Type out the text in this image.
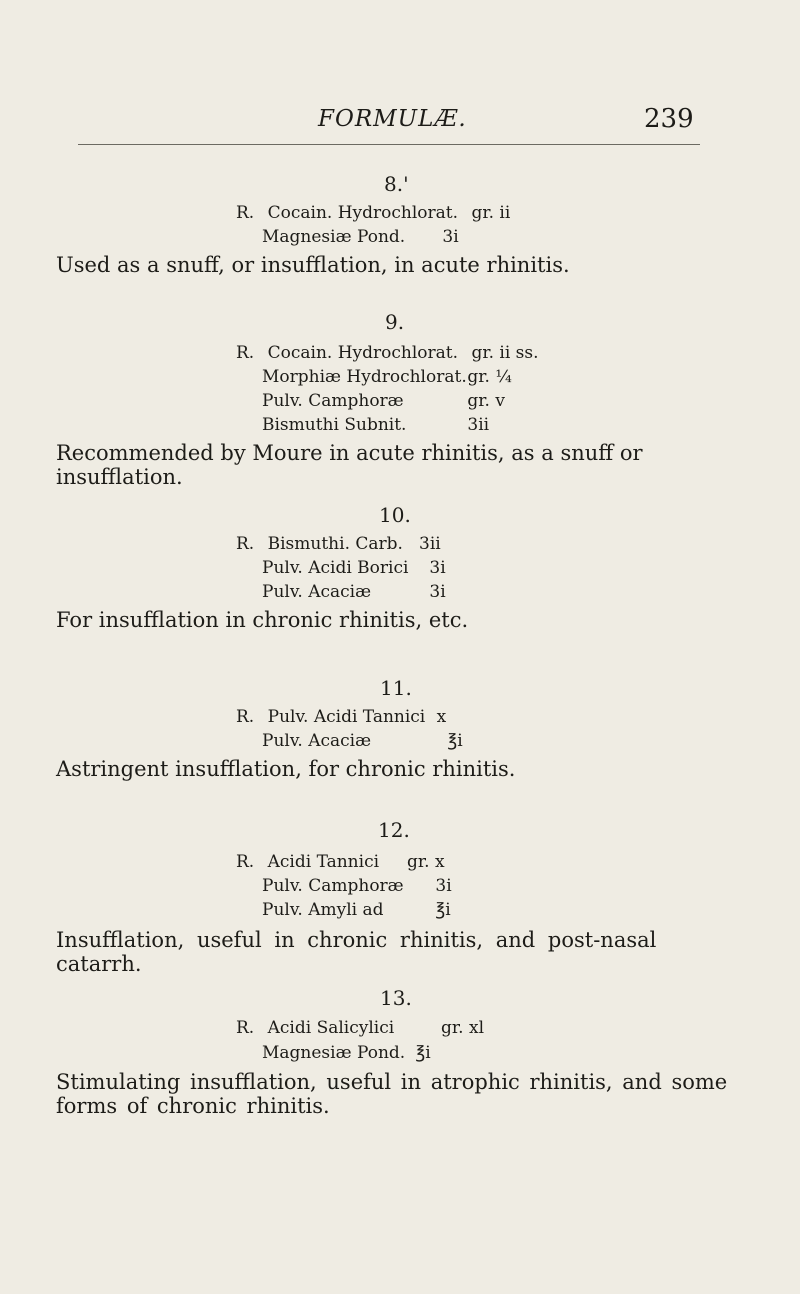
FORMULÆ.	239
8.'
R. Cocain. Hydrochlorat. gr. ii
Magnesiæ Pond. 3i
Used as a snuff, or insufflation, in acute rhinitis.
9.
R. Cocain. Hydrochlorat. gr. ii ss.
Morphiæ Hydrochlorat. gr. ¼
Pulv. Camphoræ	gr. v
Bismuthi Subnit.	3ii
Recommended by Moure in acute rhinitis, as a snuff or insufflation.
10.
R. Bismuthi. Carb. 3ii
Pulv. Acidi Borici 3i
Pulv. Acaciæ	3i
For insufflation in chronic rhinitis, etc.
11.
R. Pulv. Acidi Tannici x
Pulv. Acaciæ	℥i
Astringent insufflation, for chronic rhinitis.
12.
R. Acidi Tannici gr. x
Pulv. Camphoræ 3i
Pulv. Amyli ad	℥i
Insufflation, useful in chronic rhinitis, and post-nasal catarrh.
13.
R. Acidi Salicylici	gr. xl
Magnesiæ Pond. ℥i
Stimulating insufflation, useful in atrophic rhinitis, and some forms of chronic rhinitis.
